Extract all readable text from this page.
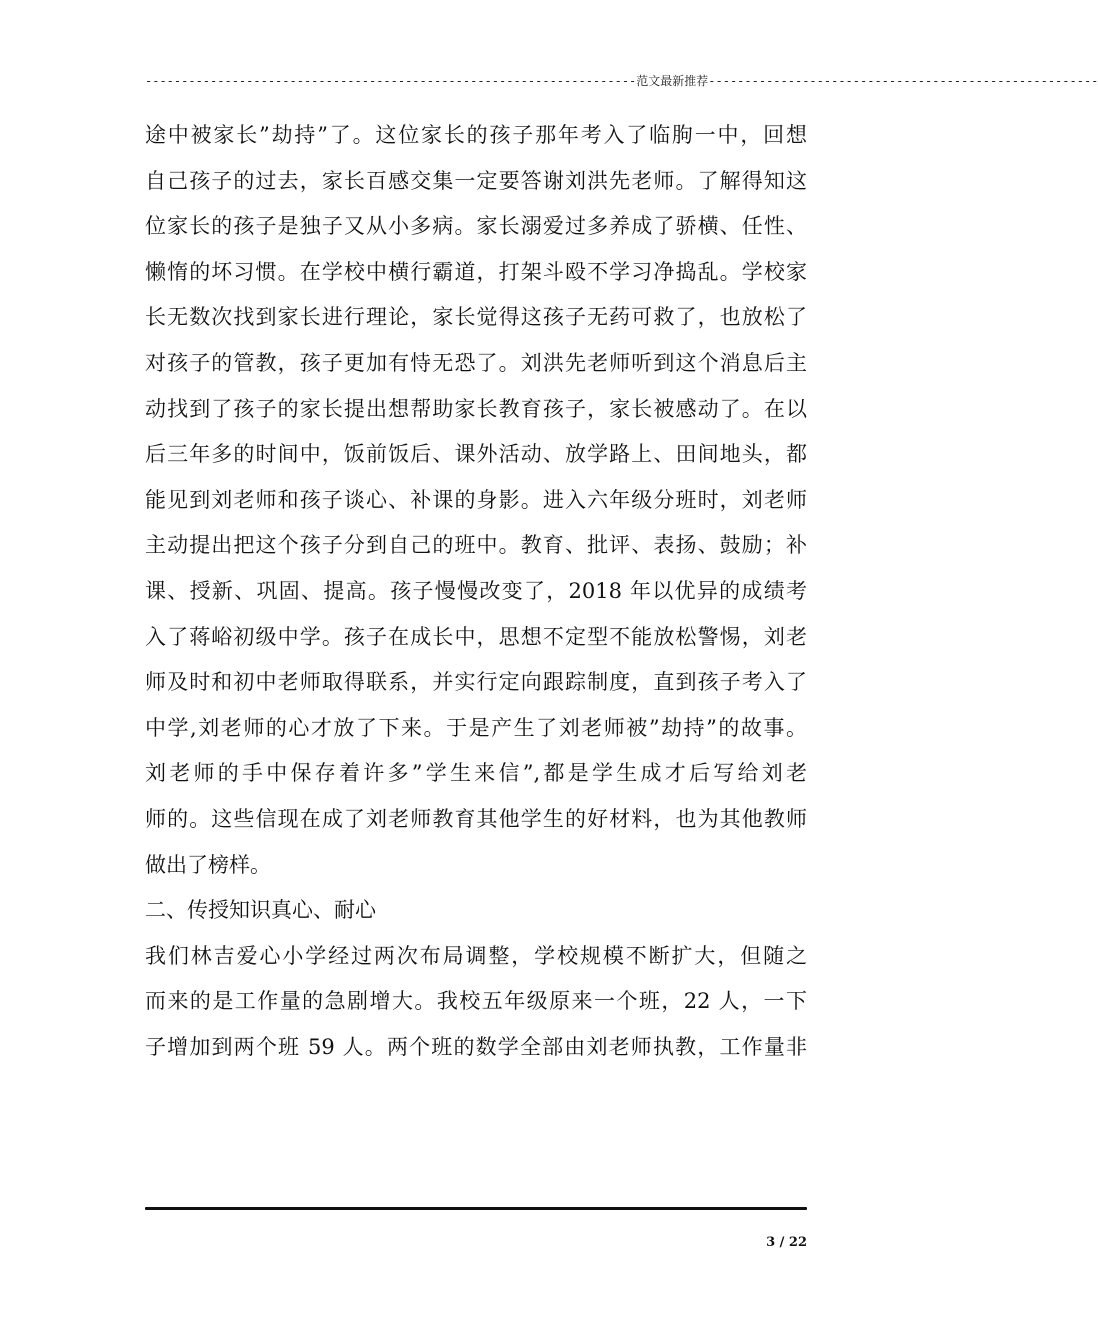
--------------------------------------------------------------------范文最新推荐------------------------------------------------------
途中被家长”劫持”了。这位家长的孩子那年考入了临朐一中，回想
自己孩子的过去，家长百感交集一定要答谢刘洪先老师。了解得知这
位家长的孩子是独子又从小多病。家长溺爱过多养成了骄横、任性、
懒惰的坏习惯。在学校中横行霸道，打架斗殴不学习净捣乱。学校家
长无数次找到家长进行理论，家长觉得这孩子无药可救了，也放松了
对孩子的管教，孩子更加有恃无恐了。刘洪先老师听到这个消息后主
动找到了孩子的家长提出想帮助家长教育孩子，家长被感动了。在以
后三年多的时间中，饭前饭后、课外活动、放学路上、田间地头，都
能见到刘老师和孩子谈心、补课的身影。进入六年级分班时，刘老师
主动提出把这个孩子分到自己的班中。教育、批评、表扬、鼓励；补
课、授新、巩固、提高。孩子慢慢改变了，2018 年以优异的成绩考
入了蒋峪初级中学。孩子在成长中，思想不定型不能放松警惕，刘老
师及时和初中老师取得联系，并实行定向跟踪制度，直到孩子考入了
中学,刘老师的心才放了下来。于是产生了刘老师被”劫持”的故事。
刘老师的手中保存着许多”学生来信”,都是学生成才后写给刘老
师的。这些信现在成了刘老师教育其他学生的好材料，也为其他教师
做出了榜样。
二、传授知识真心、耐心
我们林吉爱心小学经过两次布局调整，学校规模不断扩大，但随之
而来的是工作量的急剧增大。我校五年级原来一个班，22 人，一下
子增加到两个班 59 人。两个班的数学全部由刘老师执教，工作量非
3 / 22
